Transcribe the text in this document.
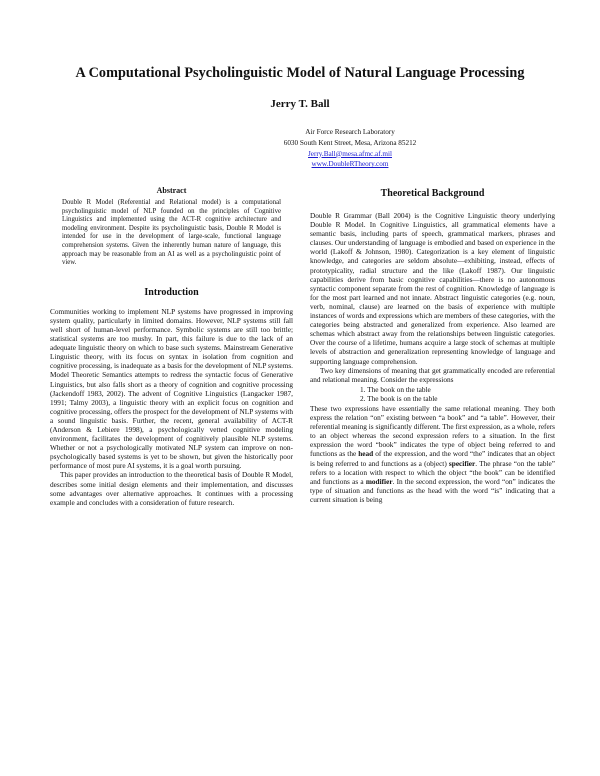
A Computational Psycholinguistic Model of Natural Language Processing
Jerry T. Ball
Air Force Research Laboratory
6030 South Kent Street, Mesa, Arizona 85212
Jerry.Ball@mesa.afmc.af.mil
www.DoubleRTheory.com
Abstract

Double R Model (Referential and Relational model) is a computational psycholinguistic model of NLP founded on the principles of Cognitive Linguistics and implemented using the ACT-R cognitive architecture and modeling environment. Despite its psycholinguistic basis, Double R Model is intended for use in the development of large-scale, functional language comprehension systems. Given the inherently human nature of language, this approach may be reasonable from an AI as well as a psycholinguistic point of view.

Introduction

Communities working to implement NLP systems have progressed in improving system quality, particularly in limited domains. However, NLP systems still fall well short of human-level performance. Symbolic systems are still too brittle; statistical systems are too mushy. In part, this failure is due to the lack of an adequate linguistic theory on which to base such systems. Mainstream Generative Linguistic theory, with its focus on syntax in isolation from cognition and cognitive processing, is inadequate as a basis for the development of NLP systems. Model Theoretic Semantics attempts to redress the syntactic focus of Generative Linguistics, but also falls short as a theory of cognition and cognitive processing (Jackendoff 1983, 2002). The advent of Cognitive Linguistics (Langacker 1987, 1991; Talmy 2003), a linguistic theory with an explicit focus on cognition and cognitive processing, offers the prospect for the development of NLP systems with a sound linguistic basis. Further, the recent, general availability of ACT-R (Anderson & Lebiere 1998), a psychologically vetted cognitive modeling environment, facilitates the development of cognitively plausible NLP systems. Whether or not a psychologically motivated NLP system can improve on non-psychologically based systems is yet to be shown, but given the historically poor performance of most pure AI systems, it is a goal worth pursuing.

This paper provides an introduction to the theoretical basis of Double R Model, describes some initial design elements and their implementation, and discusses some advantages over alternative approaches. It continues with a processing example and concludes with a consideration of future research.

Theoretical Background

Double R Grammar (Ball 2004) is the Cognitive Linguistic theory underlying Double R Model. In Cognitive Linguistics, all grammatical elements have a semantic basis, including parts of speech, grammatical markers, phrases and clauses. Our understanding of language is embodied and based on experience in the world (Lakoff & Johnson, 1980). Categorization is a key element of linguistic knowledge, and categories are seldom absolute—exhibiting, instead, effects of prototypicality, radial structure and the like (Lakoff 1987). Our linguistic capabilities derive from basic cognitive capabilities—there is no autonomous syntactic component separate from the rest of cognition. Knowledge of language is for the most part learned and not innate. Abstract linguistic categories (e.g. noun, verb, nominal, clause) are learned on the basis of experience with multiple instances of words and expressions which are members of these categories, with the categories being abstracted and generalized from experience. Also learned are schemas which abstract away from the relationships between linguistic categories. Over the course of a lifetime, humans acquire a large stock of schemas at multiple levels of abstraction and generalization representing knowledge of language and supporting language comprehension.

Two key dimensions of meaning that get grammatically encoded are referential and relational meaning. Consider the expressions

1. The book on the table
2. The book is on the table

These two expressions have essentially the same relational meaning. They both express the relation “on” existing between “a book” and “a table”. However, their referential meaning is significantly different. The first expression, as a whole, refers to an object whereas the second expression refers to a situation. In the first expression the word “book” indicates the type of object being referred to and functions as the head of the expression, and the word “the” indicates that an object is being referred to and functions as a (object) specifier. The phrase “on the table” refers to a location with respect to which the object “the book” can be identified and functions as a modifier. In the second expression, the word “on” indicates the type of situation and functions as the head with the word “is” indicating that a current situation is being
